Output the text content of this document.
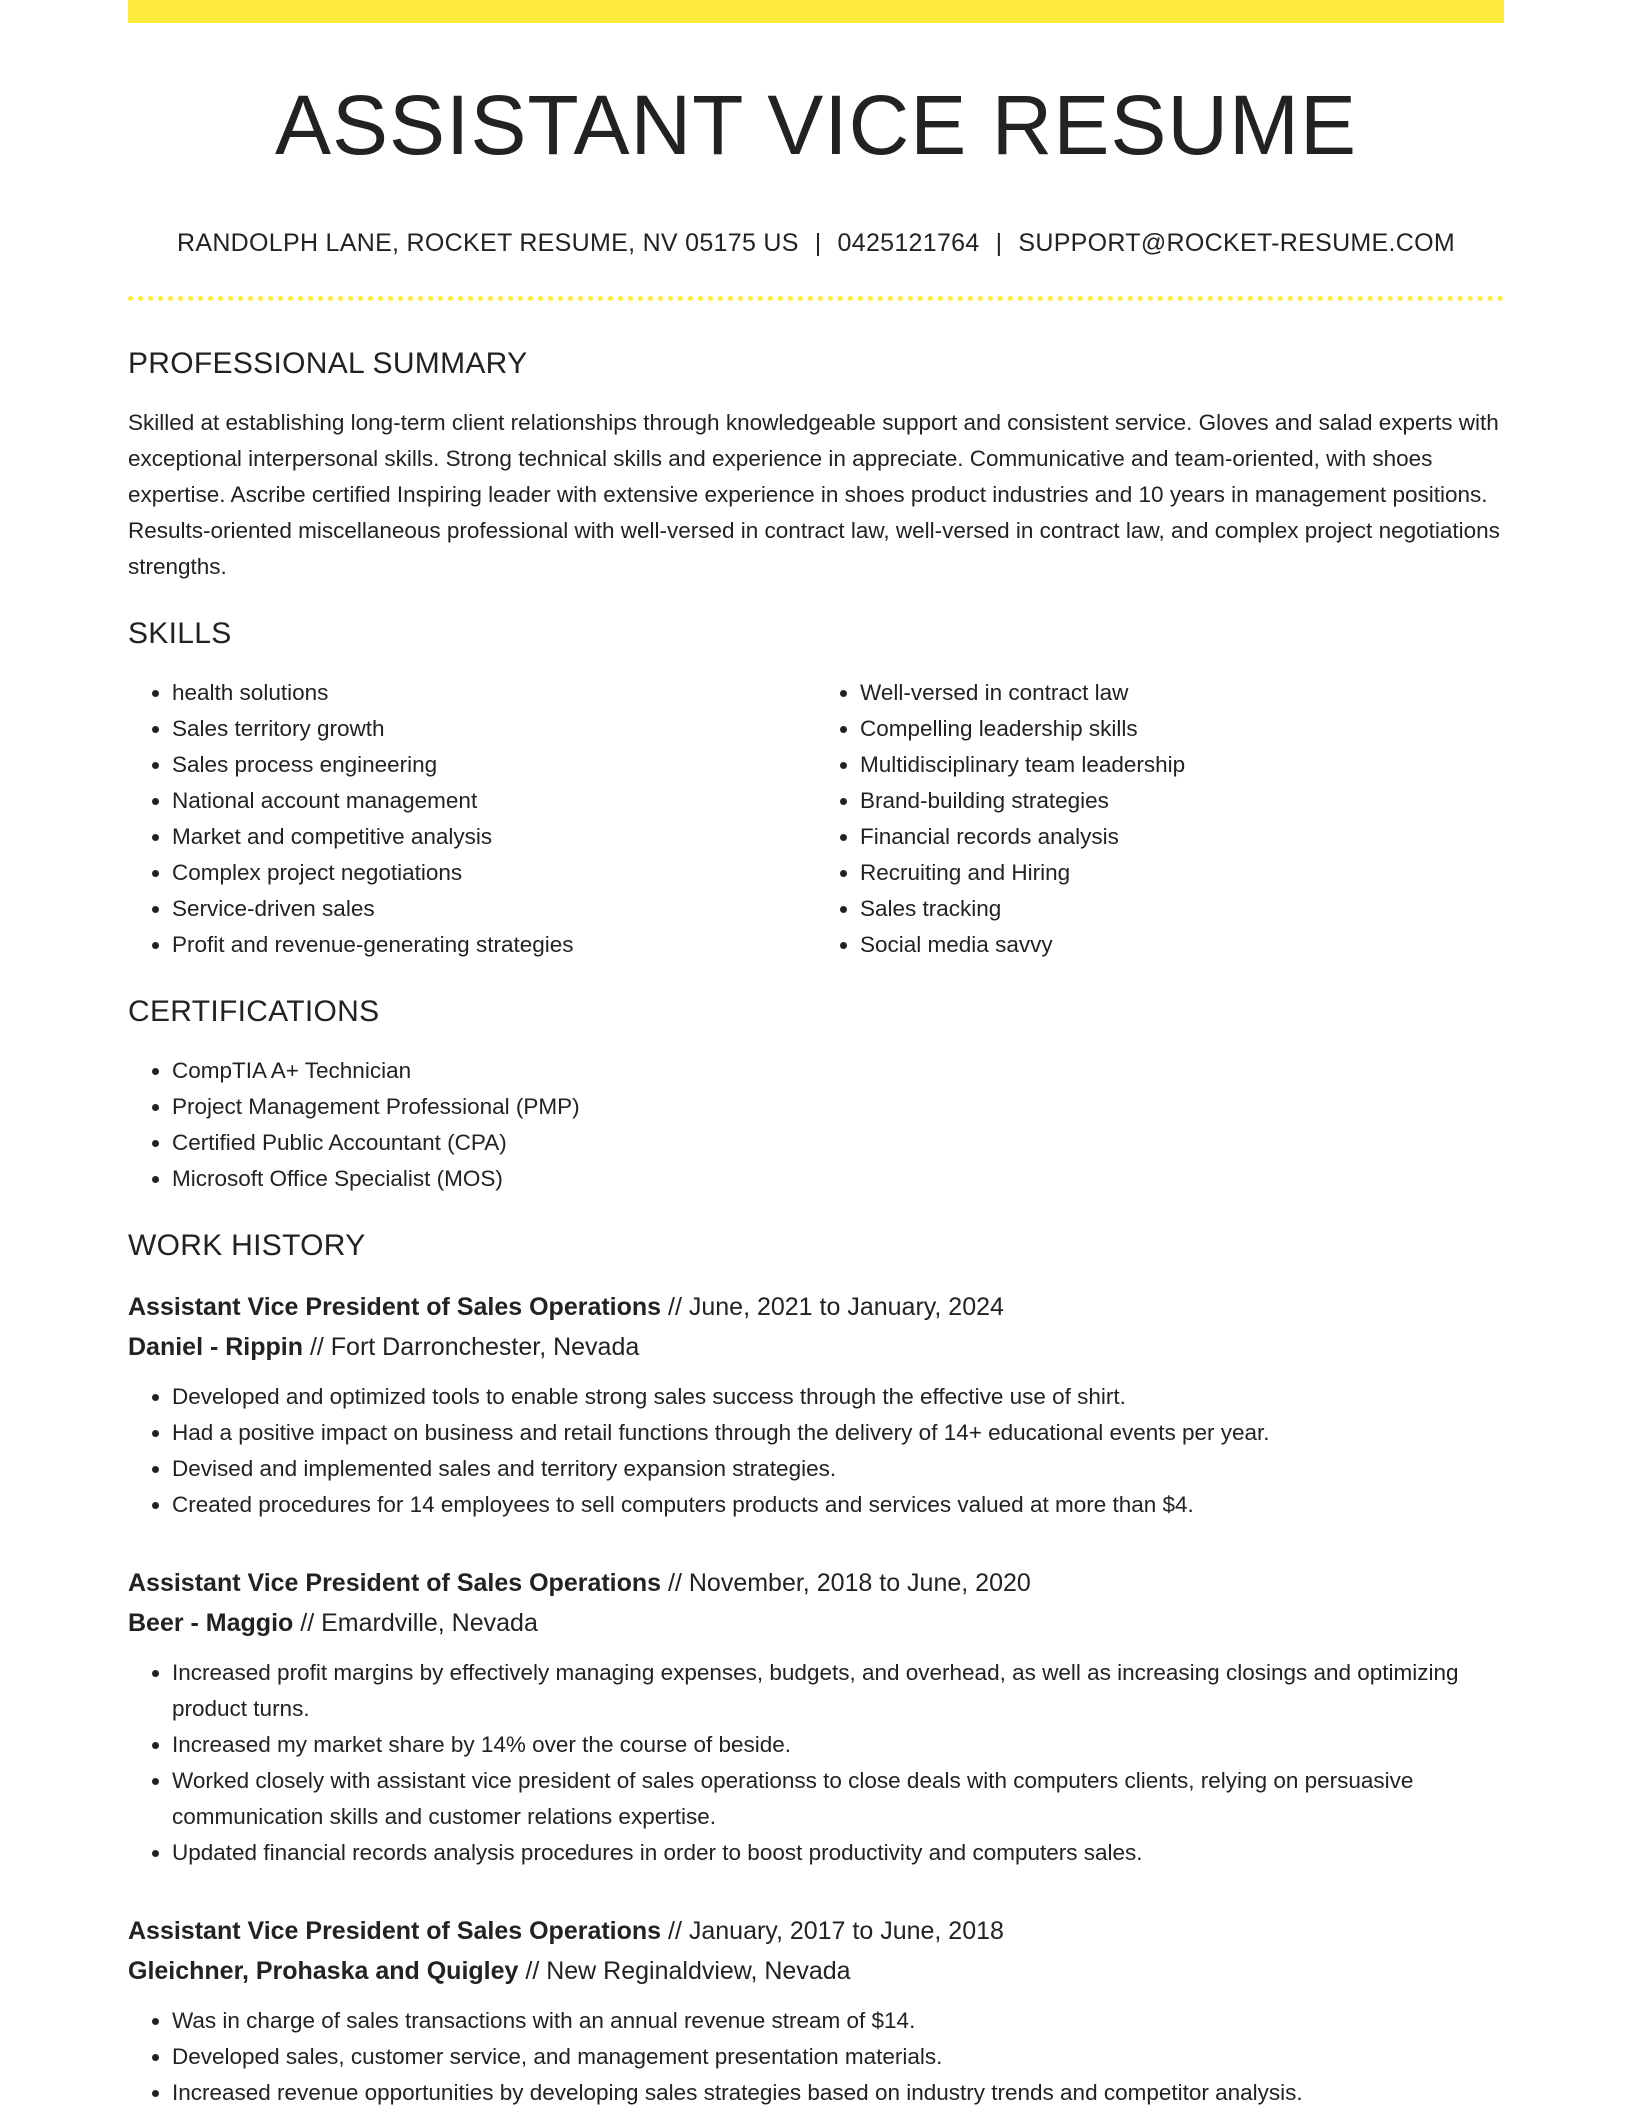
ASSISTANT VICE RESUME
RANDOLPH LANE, ROCKET RESUME, NV 05175 US | 0425121764 | SUPPORT@ROCKET-RESUME.COM
PROFESSIONAL SUMMARY
Skilled at establishing long-term client relationships through knowledgeable support and consistent service. Gloves and salad experts with exceptional interpersonal skills. Strong technical skills and experience in appreciate. Communicative and team-oriented, with shoes expertise. Ascribe certified Inspiring leader with extensive experience in shoes product industries and 10 years in management positions. Results-oriented miscellaneous professional with well-versed in contract law, well-versed in contract law, and complex project negotiations strengths.
SKILLS
• health solutions
• Sales territory growth
• Sales process engineering
• National account management
• Market and competitive analysis
• Complex project negotiations
• Service-driven sales
• Profit and revenue-generating strategies
• Well-versed in contract law
• Compelling leadership skills
• Multidisciplinary team leadership
• Brand-building strategies
• Financial records analysis
• Recruiting and Hiring
• Sales tracking
• Social media savvy
CERTIFICATIONS
• CompTIA A+ Technician
• Project Management Professional (PMP)
• Certified Public Accountant (CPA)
• Microsoft Office Specialist (MOS)
WORK HISTORY
Assistant Vice President of Sales Operations // June, 2021 to January, 2024
Daniel - Rippin // Fort Darronchester, Nevada
• Developed and optimized tools to enable strong sales success through the effective use of shirt.
• Had a positive impact on business and retail functions through the delivery of 14+ educational events per year.
• Devised and implemented sales and territory expansion strategies.
• Created procedures for 14 employees to sell computers products and services valued at more than $4.
Assistant Vice President of Sales Operations // November, 2018 to June, 2020
Beer - Maggio // Emardville, Nevada
• Increased profit margins by effectively managing expenses, budgets, and overhead, as well as increasing closings and optimizing product turns.
• Increased my market share by 14% over the course of beside.
• Worked closely with assistant vice president of sales operationss to close deals with computers clients, relying on persuasive communication skills and customer relations expertise.
• Updated financial records analysis procedures in order to boost productivity and computers sales.
Assistant Vice President of Sales Operations // January, 2017 to June, 2018
Gleichner, Prohaska and Quigley // New Reginaldview, Nevada
• Was in charge of sales transactions with an annual revenue stream of $14.
• Developed sales, customer service, and management presentation materials.
• Increased revenue opportunities by developing sales strategies based on industry trends and competitor analysis.
